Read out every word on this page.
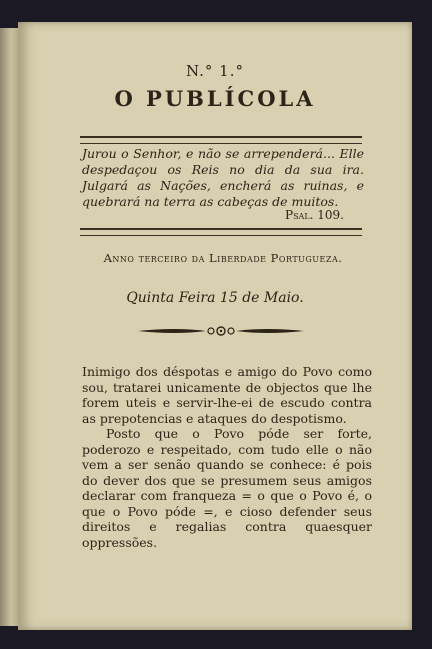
N.° 1.°
O PUBLÍCOLA
Jurou o Senhor, e não se arrependerá... Elle despedaçou os Reis no dia da sua ira. Julgará as Nações, encherá as ruinas, e quebrará na terra as cabeças de muitos.
Psal. 109.
Anno terceiro da Liberdade Portugueza.
Quinta Feira 15 de Maio.

Inimigo dos déspotas e amigo do Povo como sou, tratarei unicamente de objectos que lhe forem uteis e servir-lhe-ei de escudo contra as prepotencias e ataques do despotismo.

Posto que o Povo póde ser forte, poderozo e respeitado, com tudo elle o não vem a ser senão quando se conhece: é pois do dever dos que se presumem seus amigos declarar com franqueza = o que o Povo é, o que o Povo póde =, e cioso defender seus direitos e regalias contra quaesquer oppressões.
